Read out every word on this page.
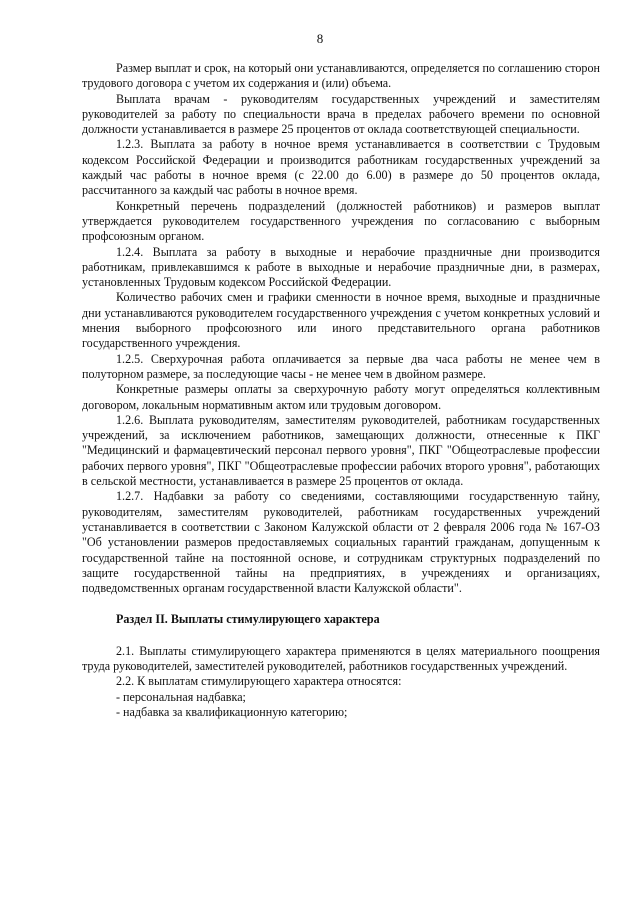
8

Размер выплат и срок, на который они устанавливаются, определяется по соглашению сторон трудового договора с учетом их содержания и (или) объема.

Выплата врачам - руководителям государственных учреждений и заместителям руководителей за работу по специальности врача в пределах рабочего времени по основной должности устанавливается в размере 25 процентов от оклада соответствующей специальности.

1.2.3. Выплата за работу в ночное время устанавливается в соответствии с Трудовым кодексом Российской Федерации и производится работникам государственных учреждений за каждый час работы в ночное время (с 22.00 до 6.00) в размере до 50 процентов оклада, рассчитанного за каждый час работы в ночное время.

Конкретный перечень подразделений (должностей работников) и размеров выплат утверждается руководителем государственного учреждения по согласованию с выборным профсоюзным органом.

1.2.4. Выплата за работу в выходные и нерабочие праздничные дни производится работникам, привлекавшимся к работе в выходные и нерабочие праздничные дни, в размерах, установленных Трудовым кодексом Российской Федерации.

Количество рабочих смен и графики сменности в ночное время, выходные и праздничные дни устанавливаются руководителем государственного учреждения с учетом конкретных условий и мнения выборного профсоюзного или иного представительного органа работников государственного учреждения.

1.2.5. Сверхурочная работа оплачивается за первые два часа работы не менее чем в полуторном размере, за последующие часы - не менее чем в двойном размере.

Конкретные размеры оплаты за сверхурочную работу могут определяться коллективным договором, локальным нормативным актом или трудовым договором.

1.2.6. Выплата руководителям, заместителям руководителей, работникам государственных учреждений, за исключением работников, замещающих должности, отнесенные к ПКГ "Медицинский и фармацевтический персонал первого уровня", ПКГ "Общеотраслевые профессии рабочих первого уровня", ПКГ "Общеотраслевые профессии рабочих второго уровня", работающих в сельской местности, устанавливается в размере 25 процентов от оклада.

1.2.7. Надбавки за работу со сведениями, составляющими государственную тайну, руководителям, заместителям руководителей, работникам государственных учреждений устанавливается в соответствии с Законом Калужской области от 2 февраля 2006 года № 167-ОЗ "Об установлении размеров предоставляемых социальных гарантий гражданам, допущенным к государственной тайне на постоянной основе, и сотрудникам структурных подразделений по защите государственной тайны на предприятиях, в учреждениях и организациях, подведомственных органам государственной власти Калужской области".

Раздел II. Выплаты стимулирующего характера

2.1. Выплаты стимулирующего характера применяются в целях материального поощрения труда руководителей, заместителей руководителей, работников государственных учреждений.

2.2. К выплатам стимулирующего характера относятся:

- персональная надбавка;

- надбавка за квалификационную категорию;
